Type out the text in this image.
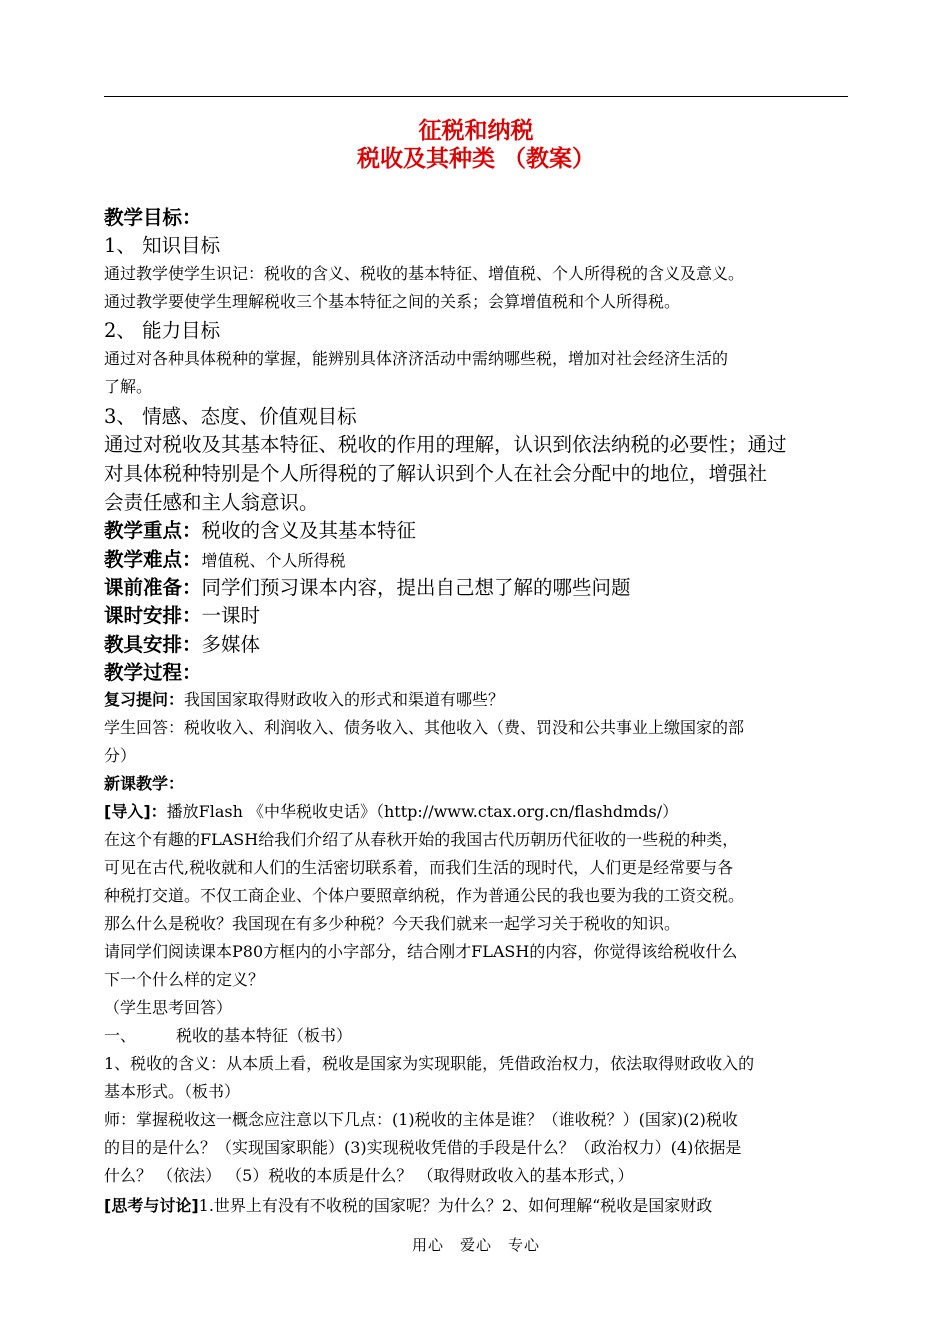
征税和纳税
税收及其种类 （教案）
教学目标：
1、 知识目标
通过教学使学生识记：税收的含义、税收的基本特征、增值税、个人所得税的含义及意义。
通过教学要使学生理解税收三个基本特征之间的关系；会算增值税和个人所得税。
2、 能力目标
通过对各种具体税种的掌握，能辨别具体济济活动中需纳哪些税，增加对社会经济生活的
了解。
3、 情感、态度、价值观目标
通过对税收及其基本特征、税收的作用的理解，认识到依法纳税的必要性；通过
对具体税种特别是个人所得税的了解认识到个人在社会分配中的地位，增强社
会责任感和主人翁意识。
教学重点：税收的含义及其基本特征
教学难点：增值税、个人所得税
课前准备：同学们预习课本内容，提出自己想了解的哪些问题
课时安排：一课时
教具安排：多媒体
教学过程：
复习提问：我国国家取得财政收入的形式和渠道有哪些？
学生回答：税收收入、利润收入、债务收入、其他收入（费、罚没和公共事业上缴国家的部
分）
新课教学：
[导入]：播放Flash 《中华税收史话》（http://www.ctax.org.cn/flashdmds/）
在这个有趣的FLASH给我们介绍了从春秋开始的我国古代历朝历代征收的一些税的种类，
可见在古代,税收就和人们的生活密切联系着，而我们生活的现时代，人们更是经常要与各
种税打交道。不仅工商企业、个体户要照章纳税，作为普通公民的我也要为我的工资交税。
那么什么是税收？我国现在有多少种税？今天我们就来一起学习关于税收的知识。
请同学们阅读课本P80方框内的小字部分，结合刚才FLASH的内容，你觉得该给税收什么
下一个什么样的定义？
（学生思考回答）
一、	税收的基本特征（板书）
1、税收的含义：从本质上看，税收是国家为实现职能，凭借政治权力，依法取得财政收入的
基本形式。（板书）
师：掌握税收这一概念应注意以下几点：(1)税收的主体是谁？（谁收税？）(国家)(2)税收
的目的是什么？（实现国家职能）(3)实现税收凭借的手段是什么？（政治权力）(4)依据是
什么？ （依法） （5）税收的本质是什么？ （取得财政收入的基本形式，）
[思考与讨论]1.世界上有没有不收税的国家呢？为什么？2、如何理解“税收是国家财政
用心　爱心　专心
